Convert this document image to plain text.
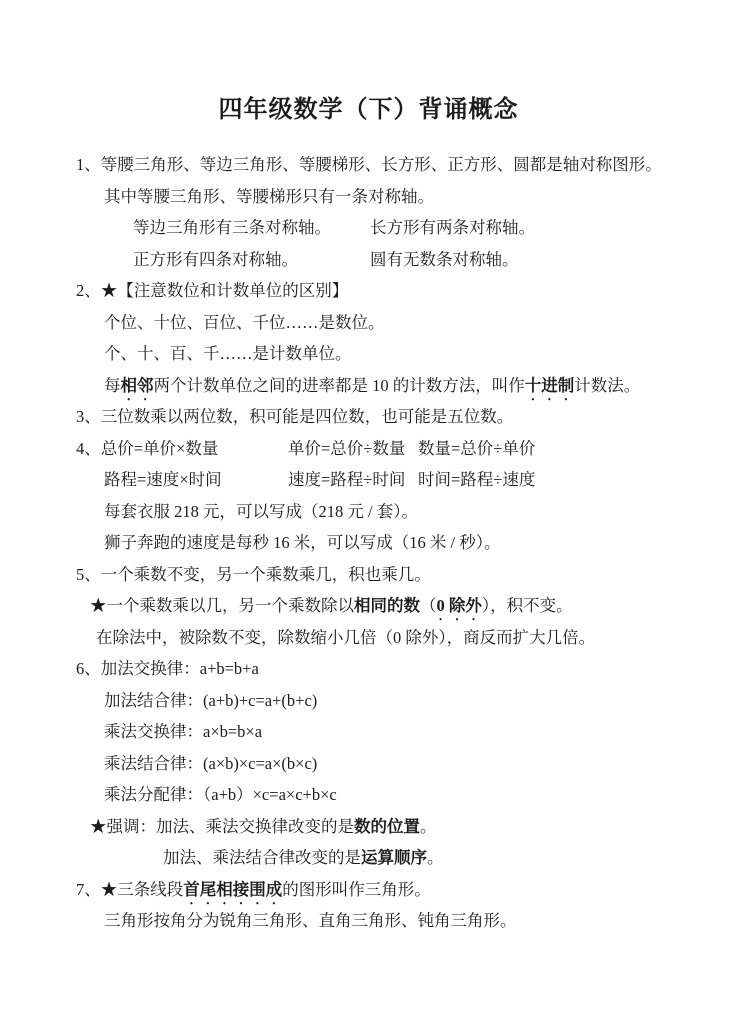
四年级数学（下）背诵概念

1、等腰三角形、等边三角形、等腰梯形、长方形、正方形、圆都是轴对称图形。

其中等腰三角形、等腰梯形只有一条对称轴。

等边三角形有三条对称轴。 长方形有两条对称轴。

正方形有四条对称轴。	圆有无数条对称轴。

2、★【注意数位和计数单位的区别】

个位、十位、百位、千位……是数位。

个、十、百、千……是计数单位。

每相邻两个计数单位之间的进率都是 10 的计数方法，叫作十进制计数法。

3、三位数乘以两位数，积可能是四位数，也可能是五位数。

4、总价=单价×数量	单价=总价÷数量 数量=总价÷单价

路程=速度×时间	速度=路程÷时间 时间=路程÷速度

每套衣服 218 元，可以写成（218 元 / 套）。

狮子奔跑的速度是每秒 16 米，可以写成（16 米 / 秒）。

5、一个乘数不变，另一个乘数乘几，积也乘几。

★一个乘数乘以几，另一个乘数除以相同的数（0 除外），积不变。

在除法中，被除数不变，除数缩小几倍（0 除外），商反而扩大几倍。

6、加法交换律：a+b=b+a

加法结合律：(a+b)+c=a+(b+c)

乘法交换律：a×b=b×a

乘法结合律：(a×b)×c=a×(b×c)

乘法分配律：（a+b）×c=a×c+b×c

★强调：加法、乘法交换律改变的是数的位置。

加法、乘法结合律改变的是运算顺序。

7、★三条线段首尾相接围成的图形叫作三角形。

三角形按角分为锐角三角形、直角三角形、钝角三角形。
